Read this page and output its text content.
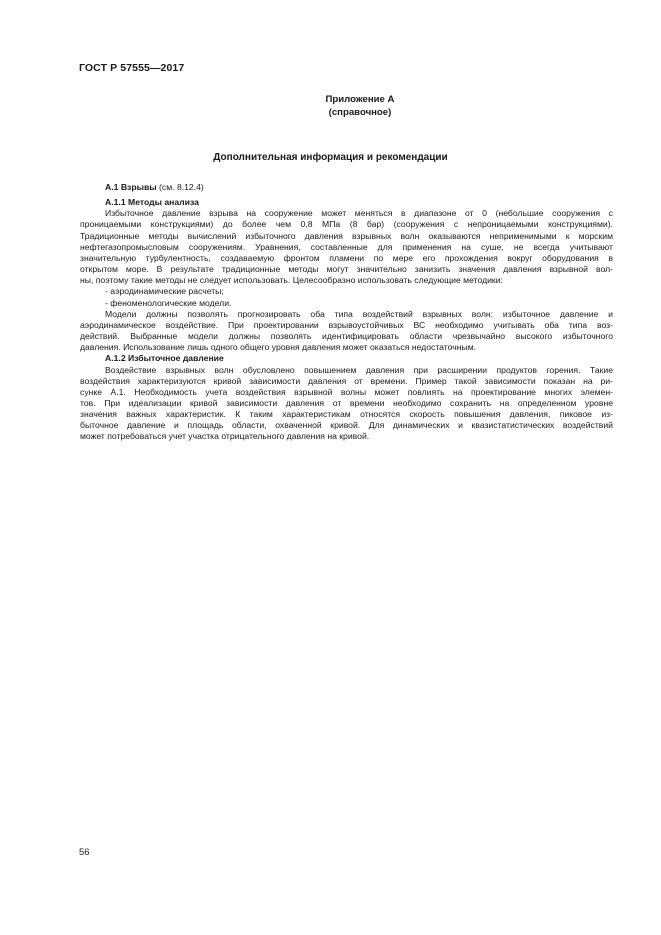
ГОСТ Р 57555—2017
Приложение А
(справочное)
Дополнительная информация и рекомендации

А.1 Взрывы (см. 8.12.4)

А.1.1 Методы анализа

Избыточное давление взрыва на сооружение может меняться в диапазоне от 0 (небольшие сооружения с

проницаемыми конструкциями) до более чем 0,8 МПа (8 бар) (сооружения с непроницаемыми конструкциями).

Традиционные методы вычислений избыточного давления взрывных волн оказываются неприменимыми к морским

нефтегазопромысловым сооружениям. Уравнения, составленные для применения на суше, не всегда учитывают

значительную турбулентность, создаваемую фронтом пламени по мере его прохождения вокруг оборудования в

открытом море. В результате традиционные методы могут значительно занизить значения давления взрывной вол-

ны, поэтому такие методы не следует использовать. Целесообразно использовать следующие методики:

- аэродинамические расчеты;

- феноменологические модели.

Модели должны позволять прогнозировать оба типа воздействий взрывных волн: избыточное давление и

аэродинамическое воздействие. При проектировании взрывоустойчивых ВС необходимо учитывать оба типа воз-

действий. Выбранные модели должны позволять идентифицировать области чрезвычайно высокого избыточного

давления. Использование лишь одного общего уровня давления может оказаться недостаточным.

А.1.2 Избыточное давление

Воздействие взрывных волн обусловлено повышением давления при расширении продуктов горения. Такие

воздействия характеризуются кривой зависимости давления от времени. Пример такой зависимости показан на ри-

сунке А.1. Необходимость учета воздействия взрывной волны может повлиять на проектирование многих элемен-

тов. При идеализации кривой зависимости давления от времени необходимо сохранить на определенном уровне

значения важных характеристик. К таким характеристикам относятся скорость повышения давления, пиковое из-

быточное давление и площадь области, охваченной кривой. Для динамических и квазистатистических воздействий

может потребоваться учет участка отрицательного давления на кривой.

56
